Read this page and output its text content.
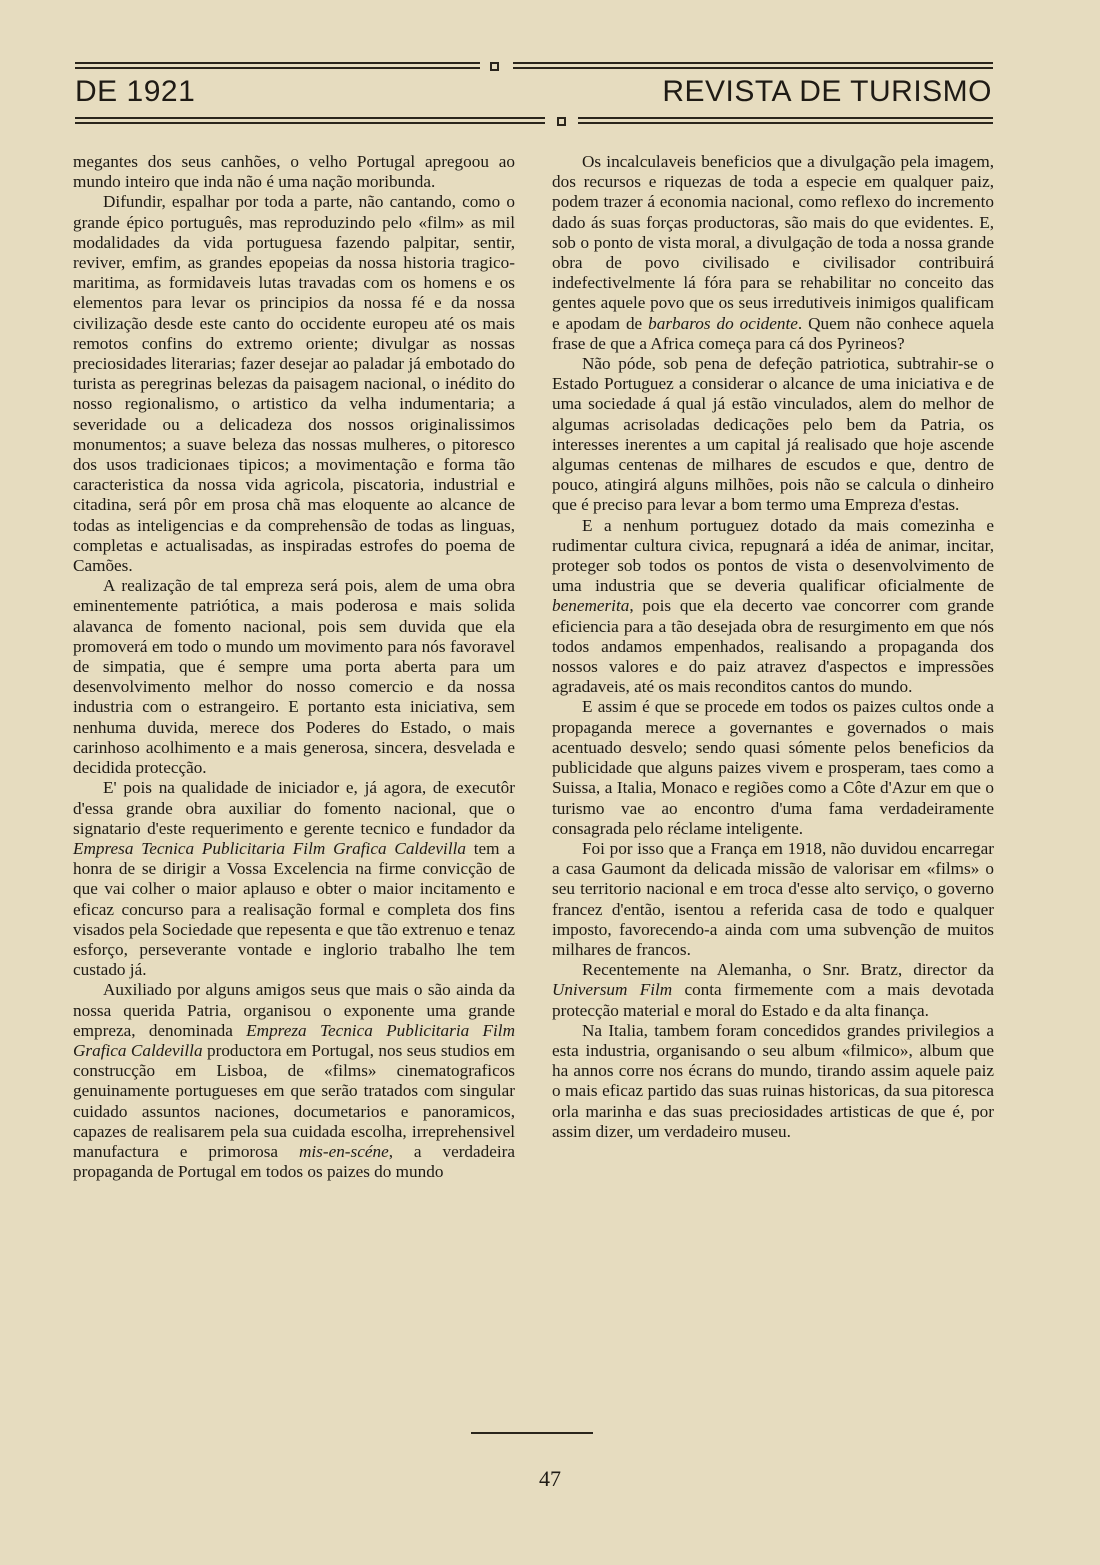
DE 1921	REVISTA DE TURISMO

megantes dos seus canhões, o velho Portugal apregoou ao mundo inteiro que inda não é uma nação moribunda.

Difundir, espalhar por toda a parte, não cantando, como o grande épico português, mas reproduzindo pelo «film» as mil modalidades da vida portuguesa fazendo palpitar, sentir, reviver, emfim, as grandes epopeias da nossa historia tragico-maritima, as formidaveis lutas travadas com os homens e os elementos para levar os principios da nossa fé e da nossa civilização desde este canto do occidente europeu até os mais remotos confins do extremo oriente; divulgar as nossas preciosidades literarias; fazer desejar ao paladar já embotado do turista as peregrinas belezas da paisagem nacional, o inédito do nosso regionalismo, o artistico da velha indumentaria; a severidade ou a delicadeza dos nossos originalissimos monumentos; a suave beleza das nossas mulheres, o pitoresco dos usos tradicionaes tipicos; a movimentação e forma tão caracteristica da nossa vida agricola, piscatoria, industrial e citadina, será pôr em prosa chã mas eloquente ao alcance de todas as inteligencias e da comprehensão de todas as linguas, completas e actualisadas, as inspiradas estrofes do poema de Camões.

A realização de tal empreza será pois, alem de uma obra eminentemente patriótica, a mais poderosa e mais solida alavanca de fomento nacional, pois sem duvida que ela promoverá em todo o mundo um movimento para nós favoravel de simpatia, que é sempre uma porta aberta para um desenvolvimento melhor do nosso comercio e da nossa industria com o estrangeiro. E portanto esta iniciativa, sem nenhuma duvida, merece dos Poderes do Estado, o mais carinhoso acolhimento e a mais generosa, sincera, desvelada e decidida protecção.

E' pois na qualidade de iniciador e, já agora, de executôr d'essa grande obra auxiliar do fomento nacional, que o signatario d'este requerimento e gerente tecnico e fundador da Empresa Tecnica Publicitaria Film Grafica Caldevilla tem a honra de se dirigir a Vossa Excelencia na firme convicção de que vai colher o maior aplauso e obter o maior incitamento e eficaz concurso para a realisação formal e completa dos fins visados pela Sociedade que repesenta e que tão extrenuo e tenaz esforço, perseverante vontade e inglorio trabalho lhe tem custado já.

Auxiliado por alguns amigos seus que mais o são ainda da nossa querida Patria, organisou o exponente uma grande empreza, denominada Empreza Tecnica Publicitaria Film Grafica Caldevilla productora em Portugal, nos seus studios em construcção em Lisboa, de «films» cinematograficos genuinamente portugueses em que serão tratados com singular cuidado assuntos naciones, documetarios e panoramicos, capazes de realisarem pela sua cuidada escolha, irreprehensivel manufactura e primorosa mis-en-scéne, a verdadeira propaganda de Portugal em todos os paizes do mundo

Os incalculaveis beneficios que a divulgação pela imagem, dos recursos e riquezas de toda a especie em qualquer paiz, podem trazer á economia nacional, como reflexo do incremento dado ás suas forças productoras, são mais do que evidentes. E, sob o ponto de vista moral, a divulgação de toda a nossa grande obra de povo civilisado e civilisador contribuirá indefectivelmente lá fóra para se rehabilitar no conceito das gentes aquele povo que os seus irredutiveis inimigos qualificam e apodam de barbaros do ocidente. Quem não conhece aquela frase de que a Africa começa para cá dos Pyrineos?

Não póde, sob pena de defeção patriotica, subtrahir-se o Estado Portuguez a considerar o alcance de uma iniciativa e de uma sociedade á qual já estão vinculados, alem do melhor de algumas acrisoladas dedicações pelo bem da Patria, os interesses inerentes a um capital já realisado que hoje ascende algumas centenas de milhares de escudos e que, dentro de pouco, atingirá alguns milhões, pois não se calcula o dinheiro que é preciso para levar a bom termo uma Empreza d'estas.

E a nenhum portuguez dotado da mais comezinha e rudimentar cultura civica, repugnará a idéa de animar, incitar, proteger sob todos os pontos de vista o desenvolvimento de uma industria que se deveria qualificar oficialmente de benemerita, pois que ela decerto vae concorrer com grande eficiencia para a tão desejada obra de resurgimento em que nós todos andamos empenhados, realisando a propaganda dos nossos valores e do paiz atravez d'aspectos e impressões agradaveis, até os mais reconditos cantos do mundo.

E assim é que se procede em todos os paizes cultos onde a propaganda merece a governantes e governados o mais acentuado desvelo; sendo quasi sómente pelos beneficios da publicidade que alguns paizes vivem e prosperam, taes como a Suissa, a Italia, Monaco e regiões como a Côte d'Azur em que o turismo vae ao encontro d'uma fama verdadeiramente consagrada pelo réclame inteligente.

Foi por isso que a França em 1918, não duvidou encarregar a casa Gaumont da delicada missão de valorisar em «films» o seu territorio nacional e em troca d'esse alto serviço, o governo francez d'então, isentou a referida casa de todo e qualquer imposto, favorecendo-a ainda com uma subvenção de muitos milhares de francos.

Recentemente na Alemanha, o Snr. Bratz, director da Universum Film conta firmemente com a mais devotada protecção material e moral do Estado e da alta finança.

Na Italia, tambem foram concedidos grandes privilegios a esta industria, organisando o seu album «filmico», album que ha annos corre nos écrans do mundo, tirando assim aquele paiz o mais eficaz partido das suas ruinas historicas, da sua pitoresca orla marinha e das suas preciosidades artisticas de que é, por assim dizer, um verdadeiro museu.

47
